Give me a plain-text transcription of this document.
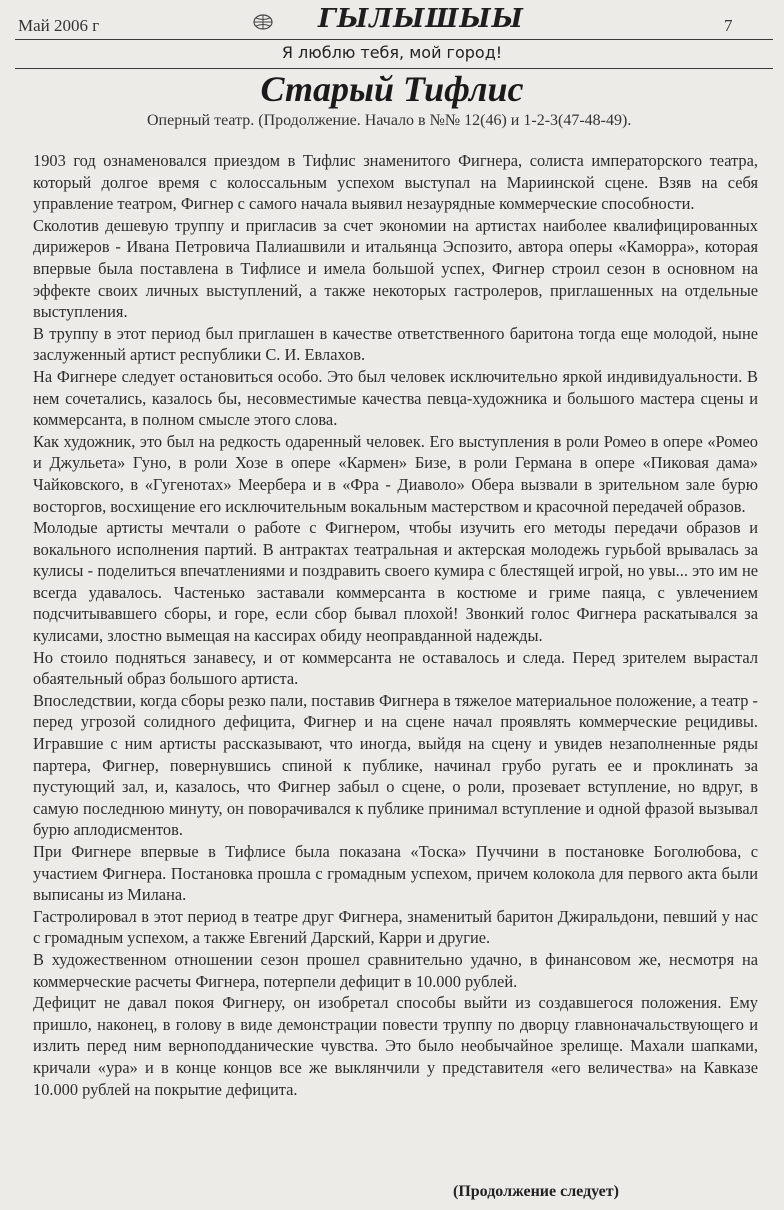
Май 2006 г	ГЫЛЫШЫЫ	7
Я люблю тебя, мой город!
Старый Тифлис
Оперный театр. (Продолжение. Начало в №№ 12(46) и 1-2-3(47-48-49).

1903 год ознаменовался приездом в Тифлис знаменитого Фигнера, солиста императорского театра, который долгое время с колоссальным успехом выступал на Мариинской сцене. Взяв на себя управление театром, Фигнер с самого начала выявил незаурядные коммерческие способности.

Сколотив дешевую труппу и пригласив за счет экономии на артистах наиболее квалифицированных дирижеров - Ивана Петровича Палиашвили и итальянца Эспозито, автора оперы «Каморра», которая впервые была поставлена в Тифлисе и имела большой успех, Фигнер строил сезон в основном на эффекте своих личных выступлений, а также некоторых гастролеров, приглашенных на отдельные выступления.

В труппу в этот период был приглашен в качестве ответственного баритона тогда еще молодой, ныне заслуженный артист республики С. И. Евлахов.

На Фигнере следует остановиться особо. Это был человек исключительно яркой индивидуальности. В нем сочетались, казалось бы, несовместимые качества певца-художника и большого мастера сцены и коммерсанта, в полном смысле этого слова.

Как художник, это был на редкость одаренный человек. Его выступления в роли Ромео в опере «Ромео и Джульета» Гуно, в роли Хозе в опере «Кармен» Бизе, в роли Германа в опере «Пиковая дама» Чайковского, в «Гугенотах» Меербера и в «Фра - Диаволо» Обера вызвали в зрительном зале бурю восторгов, восхищение его исключительным вокальным мастерством и красочной передачей образов.

Молодые артисты мечтали о работе с Фигнером, чтобы изучить его методы передачи образов и вокального исполнения партий. В антрактах театральная и актерская молодежь гурьбой врывалась за кулисы - поделиться впечатлениями и поздравить своего кумира с блестящей игрой, но увы... это им не всегда удавалось. Частенько заставали коммерсанта в костюме и гриме паяца, с увлечением подсчитывавшего сборы, и горе, если сбор бывал плохой! Звонкий голос Фигнера раскатывался за кулисами, злостно вымещая на кассирах обиду неоправданной надежды.

Но стоило подняться занавесу, и от коммерсанта не оставалось и следа. Перед зрителем вырастал обаятельный образ большого артиста.

Впоследствии, когда сборы резко пали, поставив Фигнера в тяжелое материальное положение, а театр - перед угрозой солидного дефицита, Фигнер и на сцене начал проявлять коммерческие рецидивы. Игравшие с ним артисты рассказывают, что иногда, выйдя на сцену и увидев незаполненные ряды партера, Фигнер, повернувшись спиной к публике, начинал грубо ругать ее и проклинать за пустующий зал, и, казалось, что Фигнер забыл о сцене, о роли, прозевает вступление, но вдруг, в самую последнюю минуту, он поворачивался к публике принимал вступление и одной фразой вызывал бурю аплодисментов.

При Фигнере впервые в Тифлисе была показана «Тоска» Пуччини в постановке Боголюбова, с участием Фигнера. Постановка прошла с громадным успехом, причем колокола для первого акта были выписаны из Милана.

Гастролировал в этот период в театре друг Фигнера, знаменитый баритон Джиральдони, певший у нас с громадным успехом, а также Евгений Дарский, Карри и другие.

В художественном отношении сезон прошел сравнительно удачно, в финансовом же, несмотря на коммерческие расчеты Фигнера, потерпели дефицит в 10.000 рублей.

Дефицит не давал покоя Фигнеру, он изобретал способы выйти из создавшегося положения. Ему пришло, наконец, в голову в виде демонстрации повести труппу по дворцу главноначальствующего и излить перед ним верноподданические чувства. Это было необычайное зрелище. Махали шапками, кричали «ура» и в конце концов все же выклянчили у представителя «его величества» на Кавказе 10.000 рублей на покрытие дефицита.

(Продолжение следует)
